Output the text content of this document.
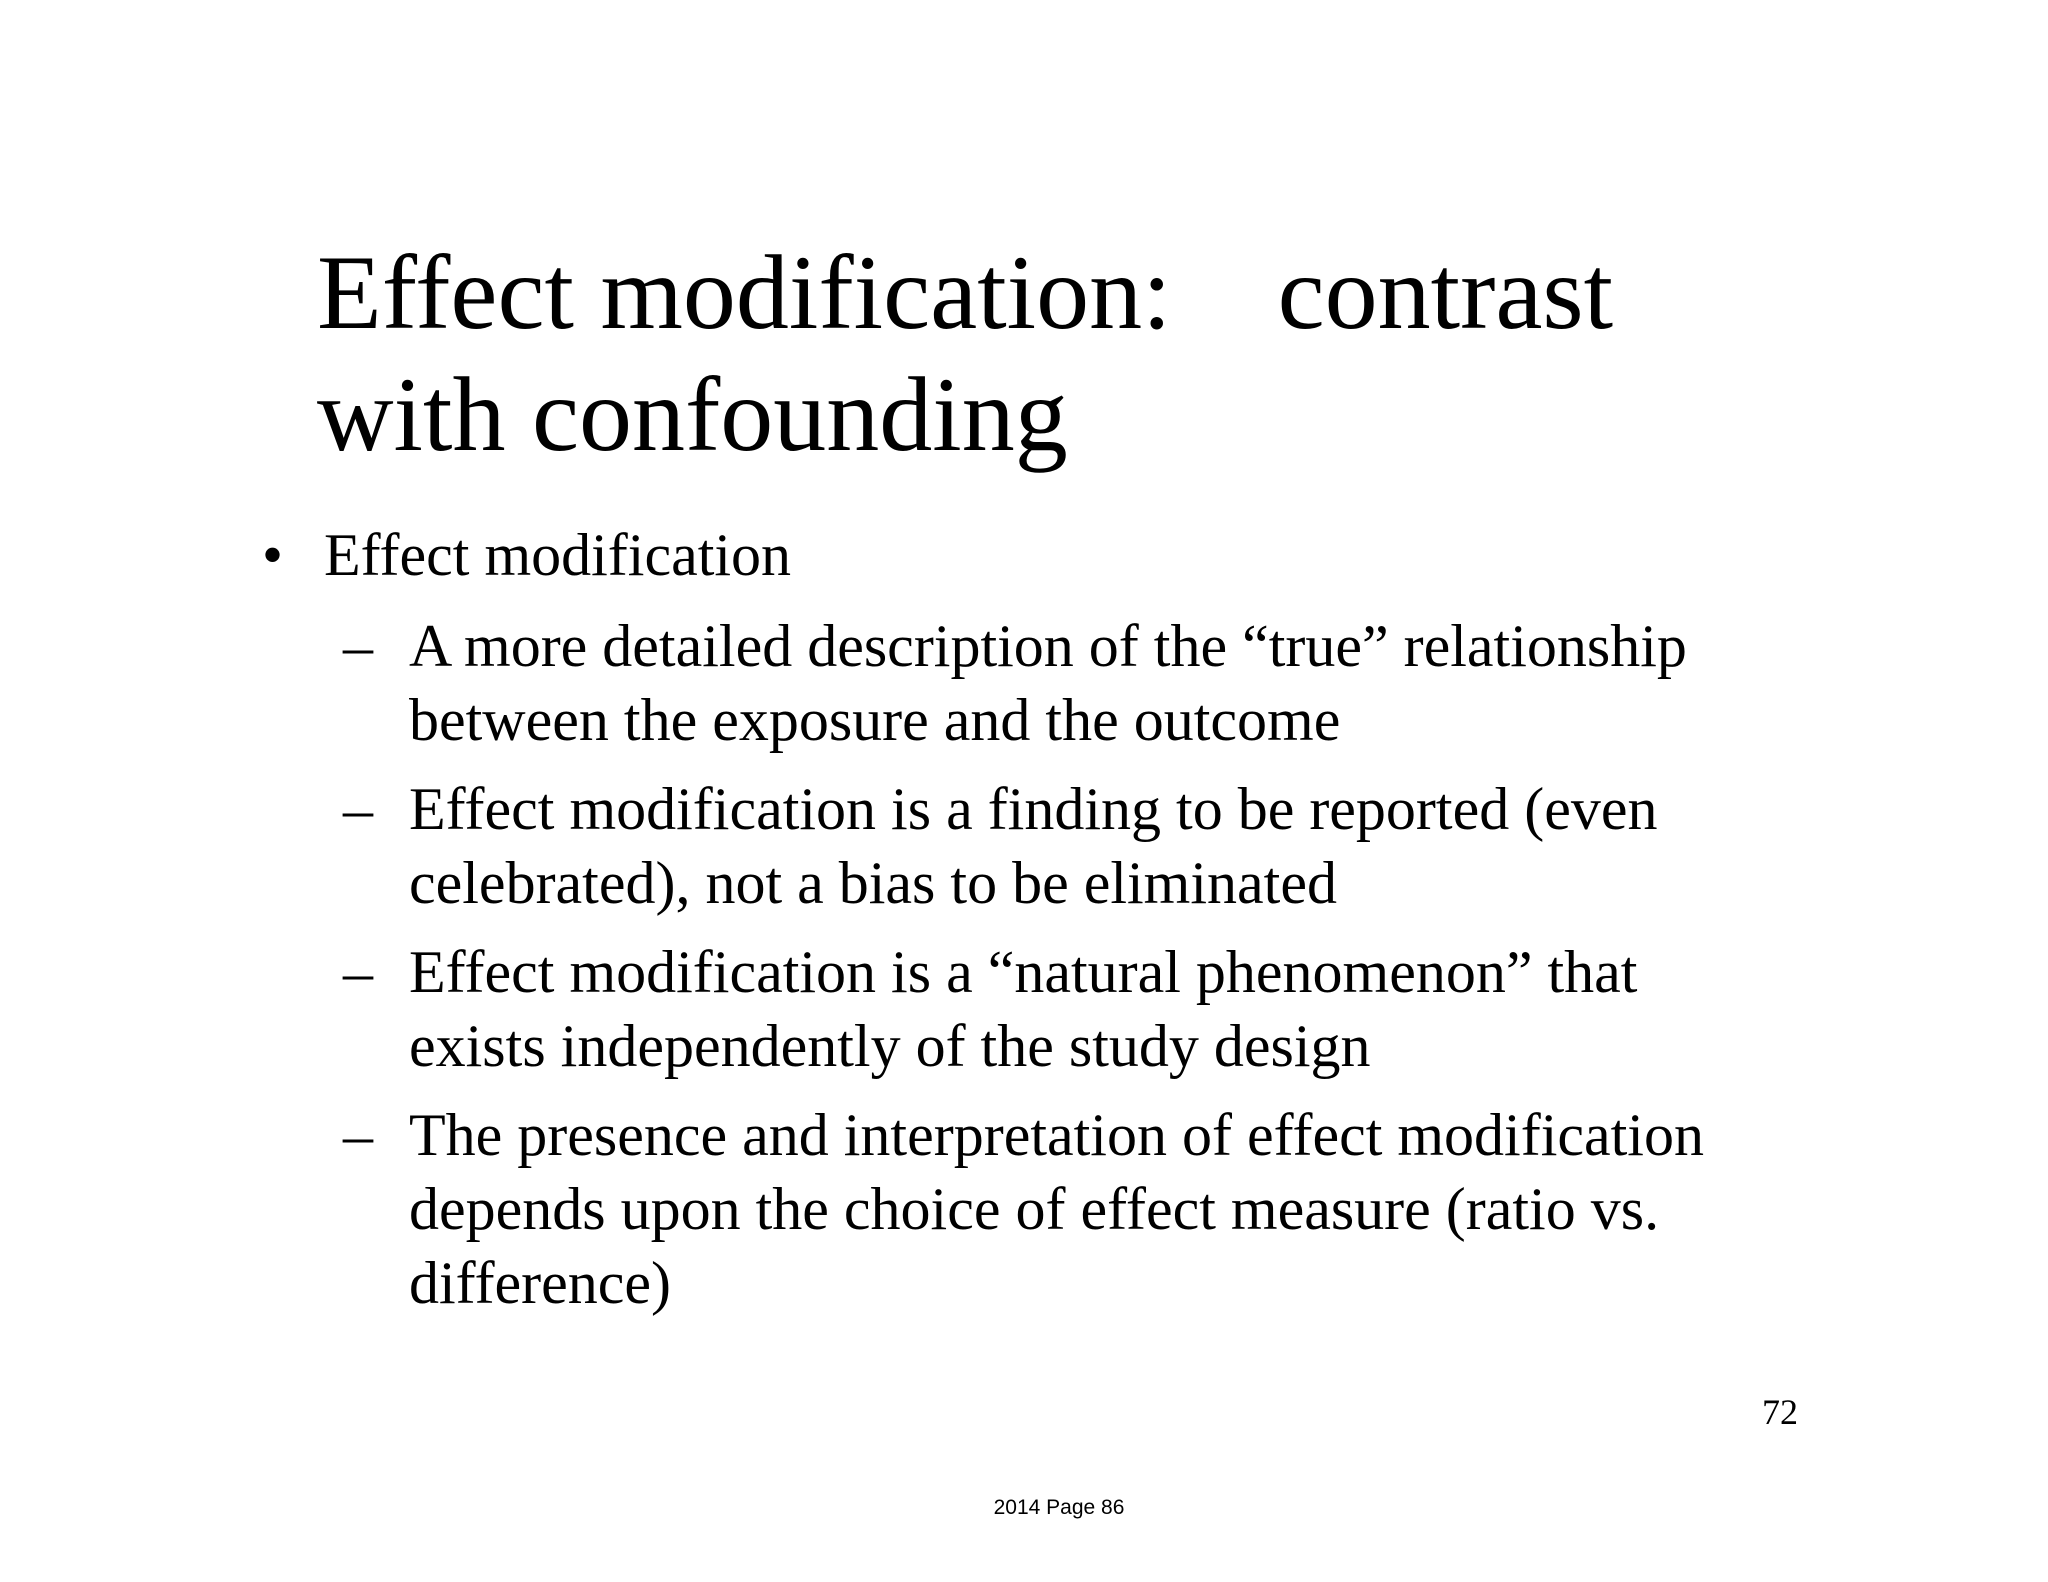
Effect modification:    contrast
with confounding
• Effect modification
– A more detailed description of the “true” relationship
between the exposure and the outcome
– Effect modification is a finding to be reported (even
celebrated), not a bias to be eliminated
– Effect modification is a “natural phenomenon” that
exists independently of the study design
– The presence and interpretation of effect modification
depends upon the choice of effect measure (ratio vs.
difference)
72
2014 Page 86
